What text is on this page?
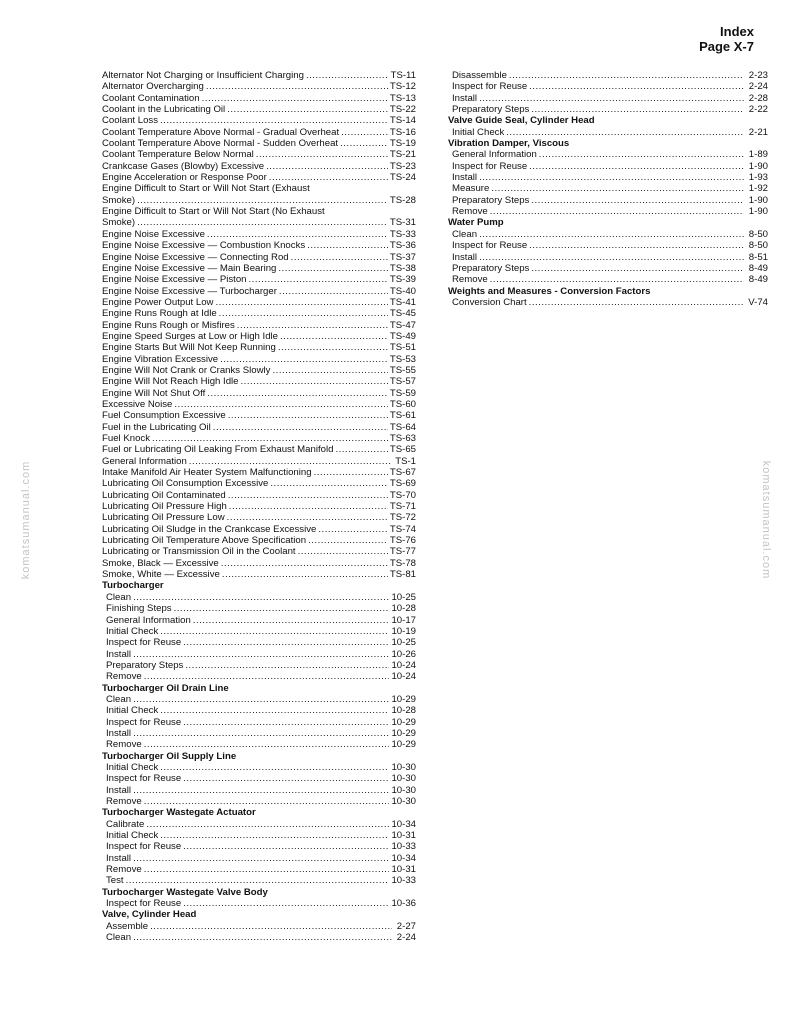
Index
Page X-7
komatsumanual.com	komatsumanual.com
Alternator Not Charging or Insufficient Charging .....	TS-11
Alternator Overcharging .....	TS-12
Coolant Contamination .....	TS-13
Coolant in the Lubricating Oil .....	TS-22
Coolant Loss .....	TS-14
Coolant Temperature Above Normal - Gradual Overheat .....	TS-16
Coolant Temperature Above Normal - Sudden Overheat .....	TS-19
Coolant Temperature Below Normal .....	TS-21
Crankcase Gases (Blowby) Excessive .....	TS-23
Engine Acceleration or Response Poor .....	TS-24
Engine Difficult to Start or Will Not Start (Exhaust
Smoke) .....	TS-28
Engine Difficult to Start or Will Not Start (No Exhaust
Smoke) .....	TS-31
Engine Noise Excessive .....	TS-33
Engine Noise Excessive — Combustion Knocks .....	TS-36
Engine Noise Excessive — Connecting Rod .....	TS-37
Engine Noise Excessive — Main Bearing .....	TS-38
Engine Noise Excessive — Piston .....	TS-39
Engine Noise Excessive — Turbocharger .....	TS-40
Engine Power Output Low .....	TS-41
Engine Runs Rough at Idle .....	TS-45
Engine Runs Rough or Misfires .....	TS-47
Engine Speed Surges at Low or High Idle .....	TS-49
Engine Starts But Will Not Keep Running .....	TS-51
Engine Vibration Excessive .....	TS-53
Engine Will Not Crank or Cranks Slowly .....	TS-55
Engine Will Not Reach High Idle .....	TS-57
Engine Will Not Shut Off .....	TS-59
Excessive Noise .....	TS-60
Fuel Consumption Excessive .....	TS-61
Fuel in the Lubricating Oil .....	TS-64
Fuel Knock .....	TS-63
Fuel or Lubricating Oil Leaking From Exhaust Manifold .....	TS-65
General Information .....	TS-1
Intake Manifold Air Heater System Malfunctioning .....	TS-67
Lubricating Oil Consumption Excessive .....	TS-69
Lubricating Oil Contaminated .....	TS-70
Lubricating Oil Pressure High .....	TS-71
Lubricating Oil Pressure Low .....	TS-72
Lubricating Oil Sludge in the Crankcase Excessive .....	TS-74
Lubricating Oil Temperature Above Specification .....	TS-76
Lubricating or Transmission Oil in the Coolant .....	TS-77
Smoke, Black — Excessive .....	TS-78
Smoke, White — Excessive .....	TS-81
Turbocharger
Clean .....	10-25
Finishing Steps .....	10-28
General Information .....	10-17
Initial Check .....	10-19
Inspect for Reuse .....	10-25
Install .....	10-26
Preparatory Steps .....	10-24
Remove .....	10-24
Turbocharger Oil Drain Line
Clean .....	10-29
Initial Check .....	10-28
Inspect for Reuse .....	10-29
Install .....	10-29
Remove .....	10-29
Turbocharger Oil Supply Line
Initial Check .....	10-30
Inspect for Reuse .....	10-30
Install .....	10-30
Remove .....	10-30
Turbocharger Wastegate Actuator
Calibrate .....	10-34
Initial Check .....	10-31
Inspect for Reuse .....	10-33
Install .....	10-34
Remove .....	10-31
Test .....	10-33
Turbocharger Wastegate Valve Body
Inspect for Reuse .....	10-36
Valve, Cylinder Head
Assemble .....	2-27
Clean .....	2-24
Disassemble .....	2-23
Inspect for Reuse .....	2-24
Install .....	2-28
Preparatory Steps .....	2-22
Valve Guide Seal, Cylinder Head
Initial Check .....	2-21
Vibration Damper, Viscous
General Information .....	1-89
Inspect for Reuse .....	1-90
Install .....	1-93
Measure .....	1-92
Preparatory Steps .....	1-90
Remove .....	1-90
Water Pump
Clean .....	8-50
Inspect for Reuse .....	8-50
Install .....	8-51
Preparatory Steps .....	8-49
Remove .....	8-49
Weights and Measures - Conversion Factors
Conversion Chart .....	V-74
